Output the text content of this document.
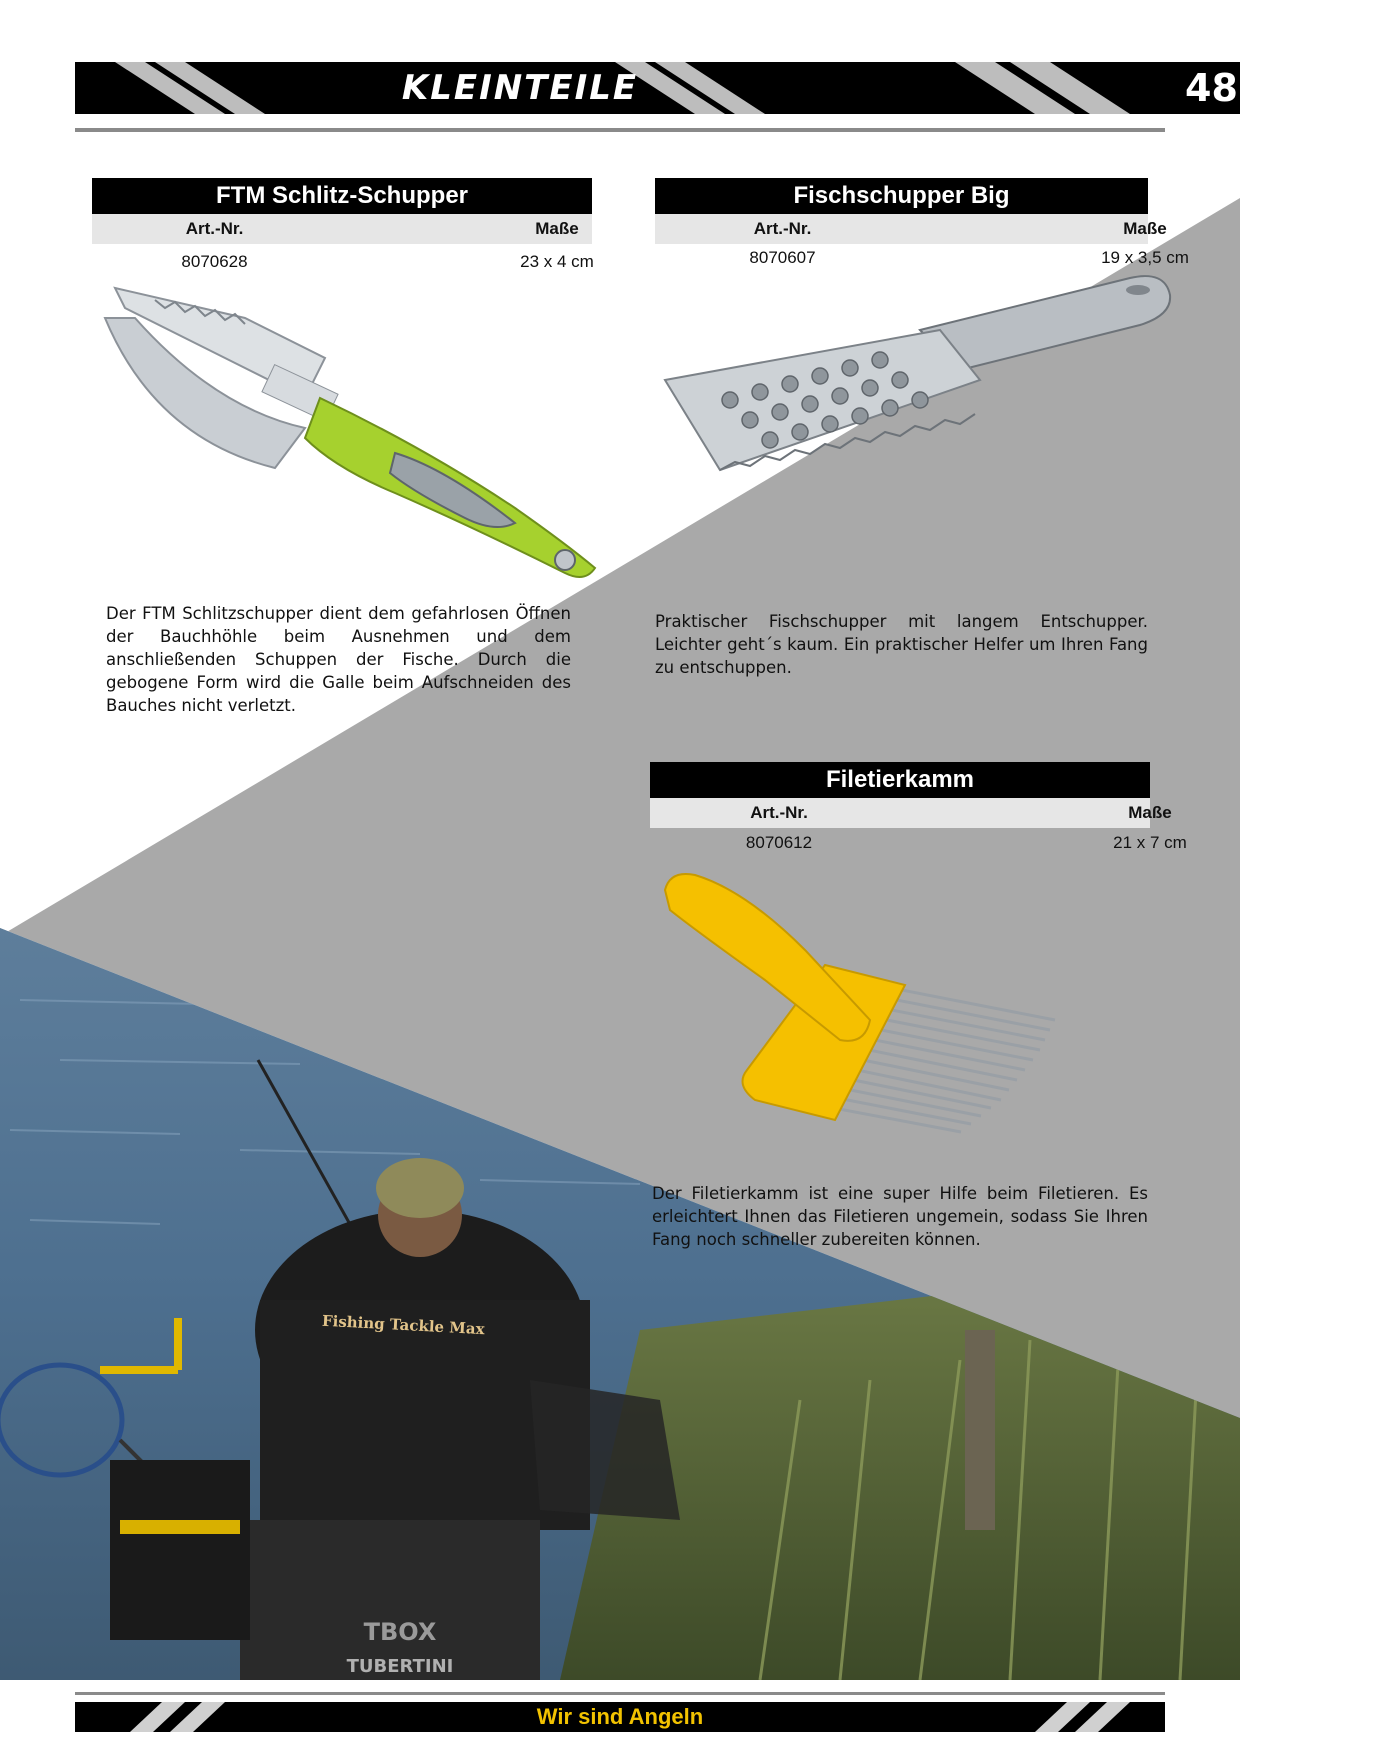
Fishing Tackle Max
TBOX
TUBERTINI
KLEINTEILE	481
FTM Schlitz-Schupper
Art.-Nr.	Maße
8070628	23 x 4 cm
Der FTM Schlitzschupper dient dem gefahrlosen Öffnen der Bauchhöhle beim Ausnehmen und dem anschließenden Schuppen der Fische. Durch die gebogene Form wird die Galle beim Aufschneiden des Bauches nicht verletzt.
Fischschupper Big
Art.-Nr.	Maße
8070607	19 x 3,5 cm
Praktischer Fischschupper mit langem Entschupper. Leichter geht´s kaum. Ein praktischer Helfer um Ihren Fang zu entschuppen.
Filetierkamm
Art.-Nr.	Maße
8070612	21 x 7 cm
Der Filetierkamm ist eine super Hilfe beim Filetieren. Es erleichtert Ihnen das Filetieren ungemein, sodass Sie Ihren Fang noch schneller zubereiten können.
Wir sind Angeln
